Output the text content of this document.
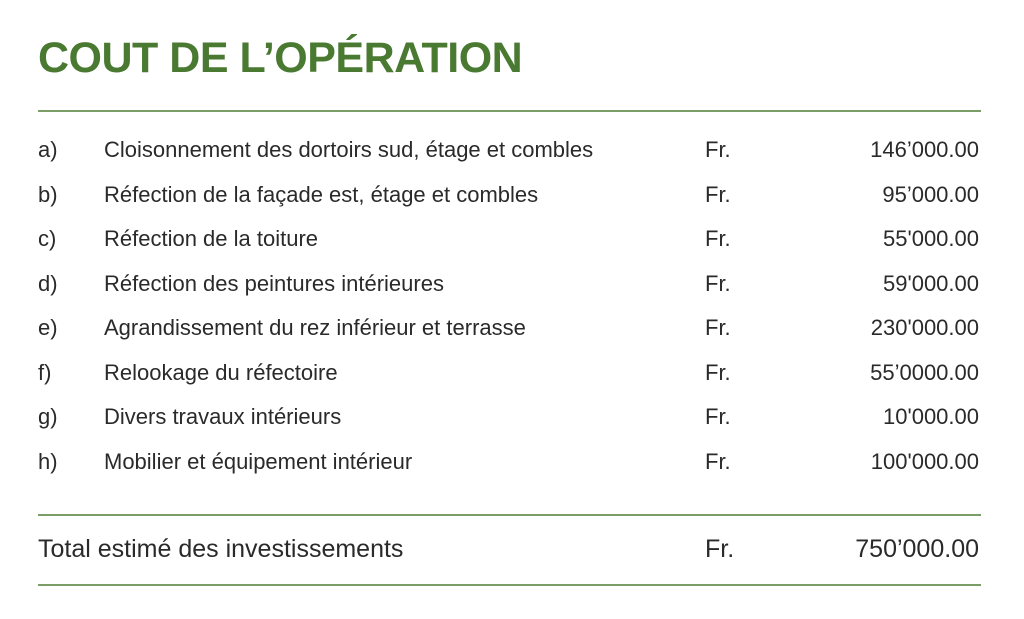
COUT DE L’OPÉRATION
a) Cloisonnement des dortoirs sud, étage et combles	Fr.	146’000.00
b) Réfection de la façade est, étage et combles	Fr.	95’000.00
c) Réfection de la toiture	Fr.	55'000.00
d) Réfection des peintures intérieures	Fr.	59'000.00
e) Agrandissement du rez inférieur et terrasse	Fr.	230'000.00
f) Relookage du réfectoire	Fr.	55’0000.00
g) Divers travaux intérieurs	Fr.	10'000.00
h) Mobilier et équipement intérieur	Fr.	100'000.00
Total estimé des investissements	Fr.	750’000.00
